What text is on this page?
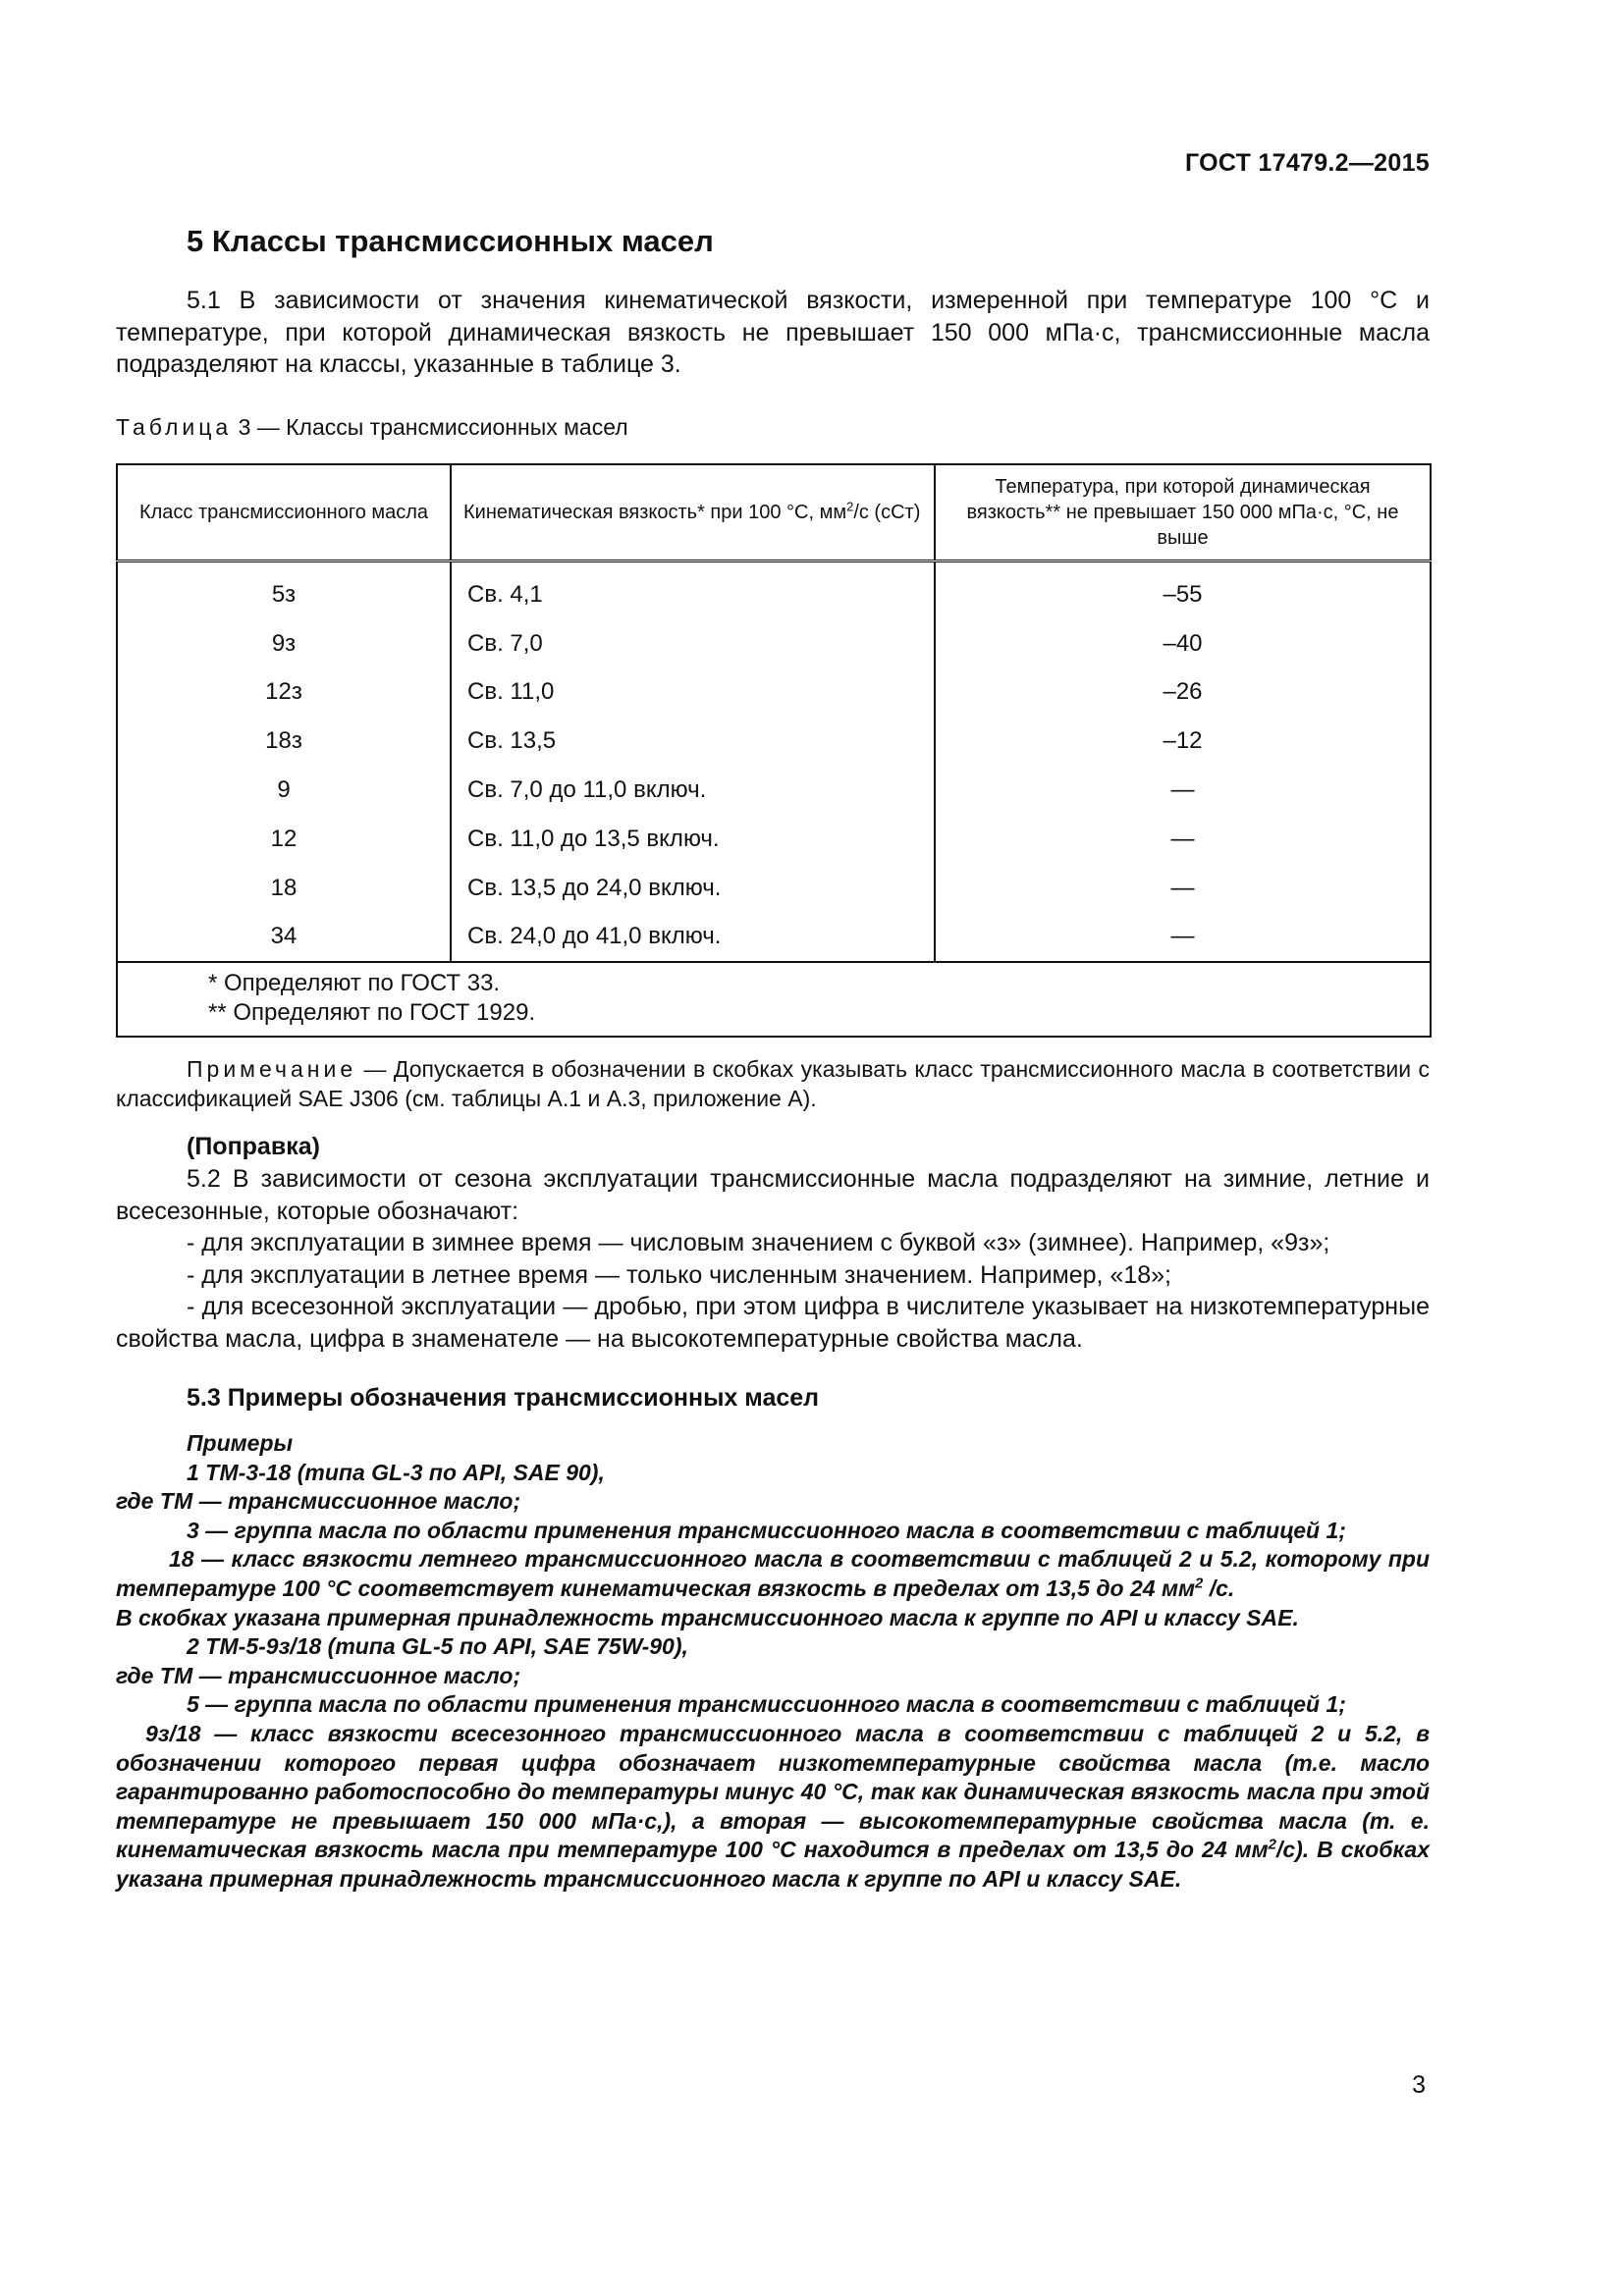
ГОСТ 17479.2—2015
5 Классы трансмиссионных масел
5.1 В зависимости от значения кинематической вязкости, измеренной при температуре 100 °С и температуре, при которой динамическая вязкость не превышает 150 000 мПа·с, трансмиссионные масла подразделяют на классы, указанные в таблице 3.
Таблица 3 — Классы трансмиссионных масел
Класс трансмиссионного масла	Кинематическая вязкость* при 100 °С, $мм^2/с$ (сСт)	Температура, при которой динамическая вязкость** не превышает 150 000 мПа·с, °С, не выше
5з	Св. 4,1	–55
9з	Св. 7,0	–40
12з	Св. 11,0	–26
18з	Св. 13,5	–12
9	Св. 7,0 до 11,0 включ.	—
12	Св. 11,0 до 13,5 включ.	—
18	Св. 13,5 до 24,0 включ.	—
34	Св. 24,0 до 41,0 включ.	—

* Определяют по ГОСТ 33.
** Определяют по ГОСТ 1929.		
Примечание — Допускается в обозначении в скобках указывать класс трансмиссионного масла в соответствии с классификацией SAE J306 (см. таблицы А.1 и А.3, приложение А).
(Поправка)
5.2 В зависимости от сезона эксплуатации трансмиссионные масла подразделяют на зимние, летние и всесезонные, которые обозначают:
- для эксплуатации в зимнее время — числовым значением с буквой «з» (зимнее). Например, «9з»;
- для эксплуатации в летнее время — только численным значением. Например, «18»;
- для всесезонной эксплуатации — дробью, при этом цифра в числителе указывает на низкотемпературные свойства масла, цифра в знаменателе — на высокотемпературные свойства масла.
5.3 Примеры обозначения трансмиссионных масел
Примеры
1 ТМ-3-18 (типа GL-3 по API, SAE 90),
где ТМ — трансмиссионное масло;
3 — группа масла по области применения трансмиссионного масла в соответствии с таблицей 1;
18 — класс вязкости летнего трансмиссионного масла в соответствии с таблицей 2 и 5.2, которому при температуре 100 °С соответствует кинематическая вязкость в пределах от 13,5 до 24 $мм^2$ /с.
В скобках указана примерная принадлежность трансмиссионного масла к группе по API и классу SAE.
2 ТМ-5-9з/18 (типа GL-5 по API, SAE 75W-90),
где ТМ — трансмиссионное масло;
5 — группа масла по области применения трансмиссионного масла в соответствии с таблицей 1;
9з/18 — класс вязкости всесезонного трансмиссионного масла в соответствии с таблицей 2 и 5.2, в обозначении которого первая цифра обозначает низкотемпературные свойства масла (т.е. масло гарантированно работоспособно до температуры минус 40 °С, так как динамическая вязкость масла при этой температуре не превышает 150 000 мПа·с,), а вторая — высокотемпературные свойства масла (т. е. кинематическая вязкость масла при температуре 100 °С находится в пределах от 13,5 до 24 $мм^2/с$). В скобках указана примерная принадлежность трансмиссионного масла к группе по API и классу SAE.
3
